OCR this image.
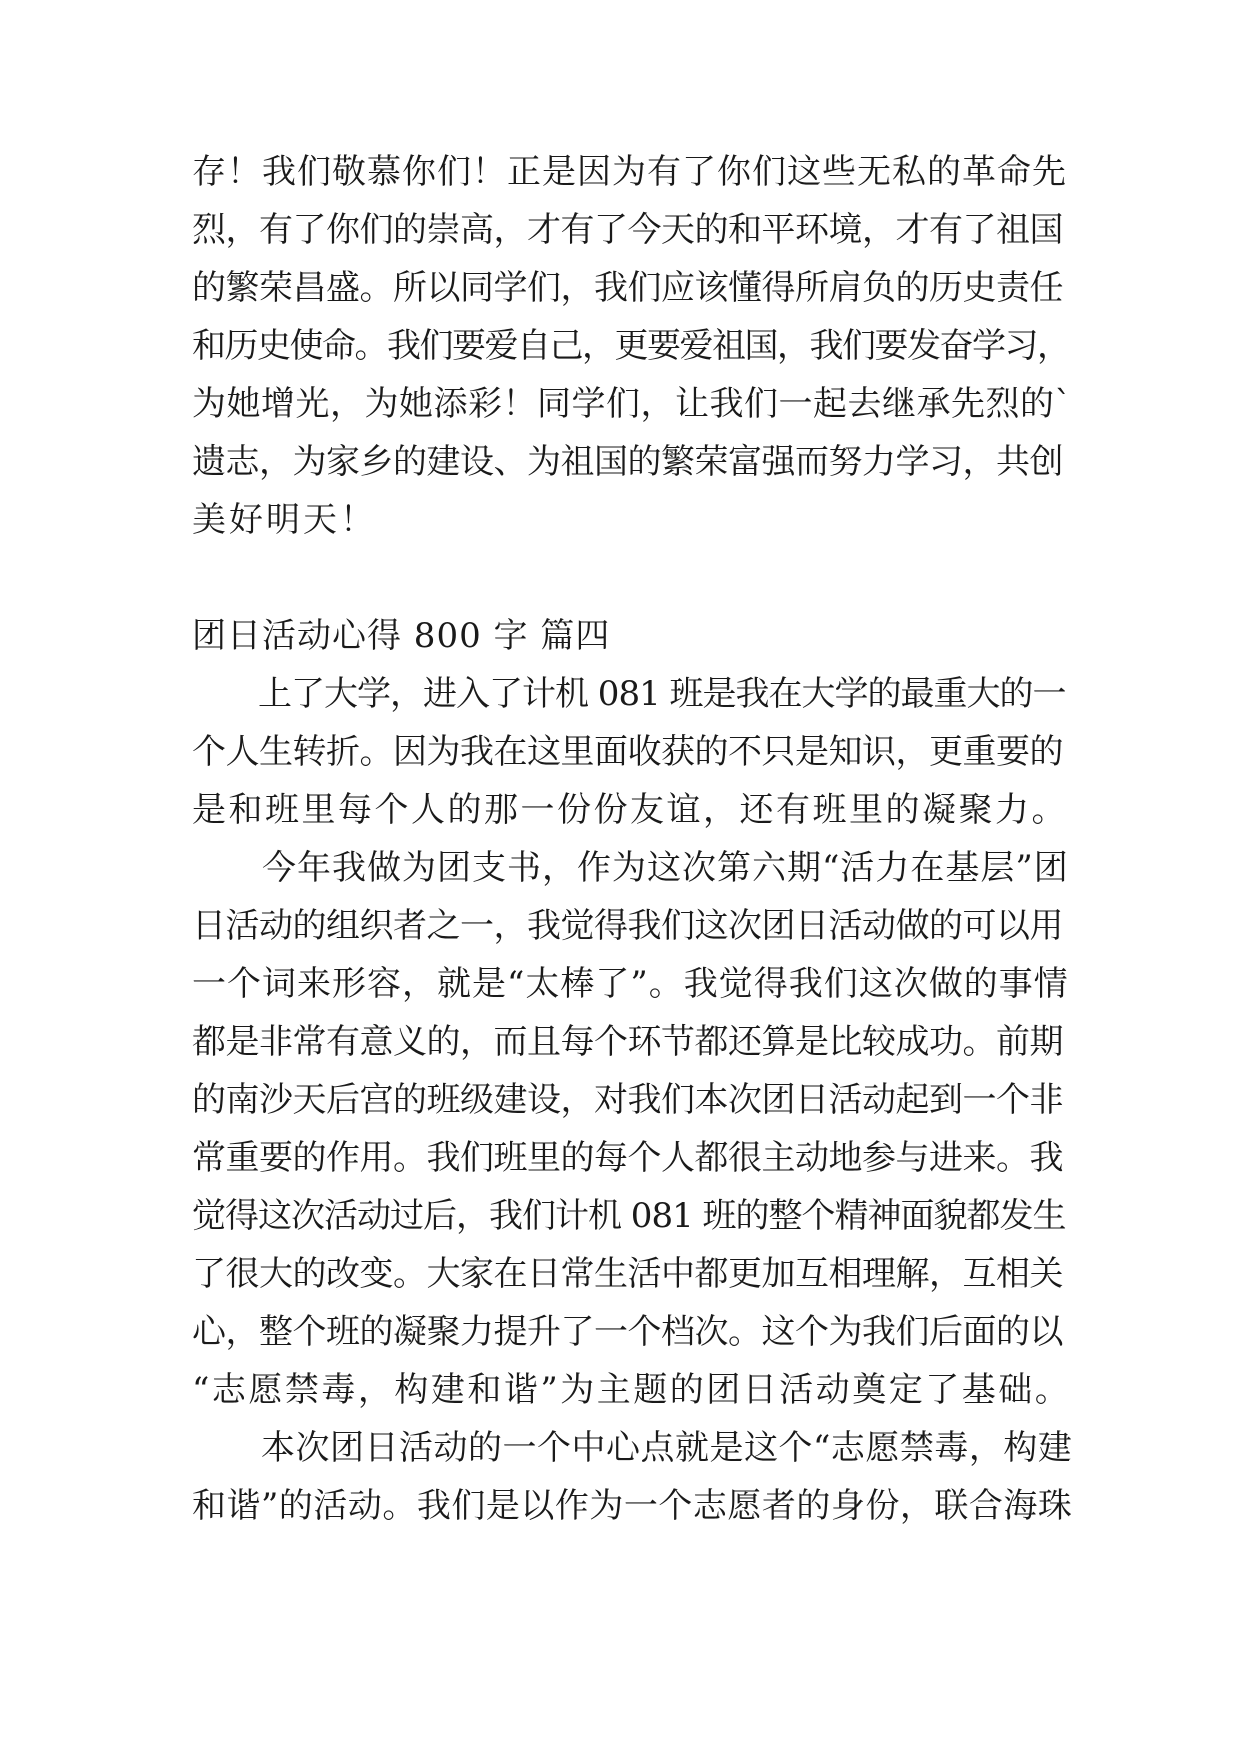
存！我们敬慕你们！正是因为有了你们这些无私的革命先
烈，有了你们的崇高，才有了今天的和平环境，才有了祖国
的繁荣昌盛。所以同学们，我们应该懂得所肩负的历史责任
和历史使命。我们要爱自己，更要爱祖国，我们要发奋学习，
为她增光，为她添彩！同学们，让我们一起去继承先烈的`
遗志，为家乡的建设、为祖国的繁荣富强而努力学习，共创
美好明天！
团日活动心得 800 字 篇四
　　上了大学，进入了计机 081 班是我在大学的最重大的一
个人生转折。因为我在这里面收获的不只是知识，更重要的
是和班里每个人的那一份份友谊，还有班里的凝聚力。
　　今年我做为团支书，作为这次第六期“活力在基层”团
日活动的组织者之一，我觉得我们这次团日活动做的可以用
一个词来形容，就是“太棒了”。我觉得我们这次做的事情
都是非常有意义的，而且每个环节都还算是比较成功。前期
的南沙天后宫的班级建设，对我们本次团日活动起到一个非
常重要的作用。我们班里的每个人都很主动地参与进来。我
觉得这次活动过后，我们计机 081 班的整个精神面貌都发生
了很大的改变。大家在日常生活中都更加互相理解，互相关
心，整个班的凝聚力提升了一个档次。这个为我们后面的以
“志愿禁毒，构建和谐”为主题的团日活动奠定了基础。
　　本次团日活动的一个中心点就是这个“志愿禁毒，构建
和谐”的活动。我们是以作为一个志愿者的身份，联合海珠
